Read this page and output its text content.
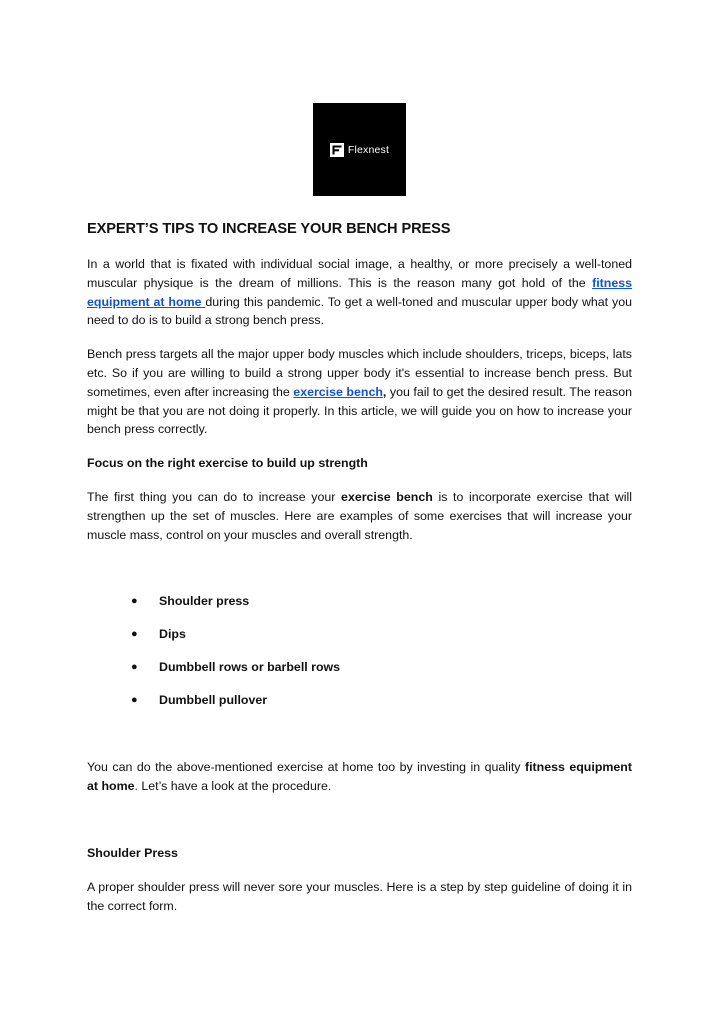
Flexnest
EXPERT’S TIPS TO INCREASE YOUR BENCH PRESS

In a world that is fixated with individual social image, a healthy, or more precisely a well-toned muscular physique is the dream of millions. This is the reason many got hold of the fitness equipment at home during this pandemic. To get a well-toned and muscular upper body what you need to do is to build a strong bench press.

Bench press targets all the major upper body muscles which include shoulders, triceps, biceps, lats etc. So if you are willing to build a strong upper body it's essential to increase bench press. But sometimes, even after increasing the exercise bench, you fail to get the desired result. The reason might be that you are not doing it properly. In this article, we will guide you on how to increase your bench press correctly.

Focus on the right exercise to build up strength

The first thing you can do to increase your exercise bench is to incorporate exercise that will strengthen up the set of muscles. Here are examples of some exercises that will increase your muscle mass, control on your muscles and overall strength.

● Shoulder press
● Dips
● Dumbbell rows or barbell rows
● Dumbbell pullover

You can do the above-mentioned exercise at home too by investing in quality fitness equipment at home. Let’s have a look at the procedure.

Shoulder Press

A proper shoulder press will never sore your muscles. Here is a step by step guideline of doing it in the correct form.
